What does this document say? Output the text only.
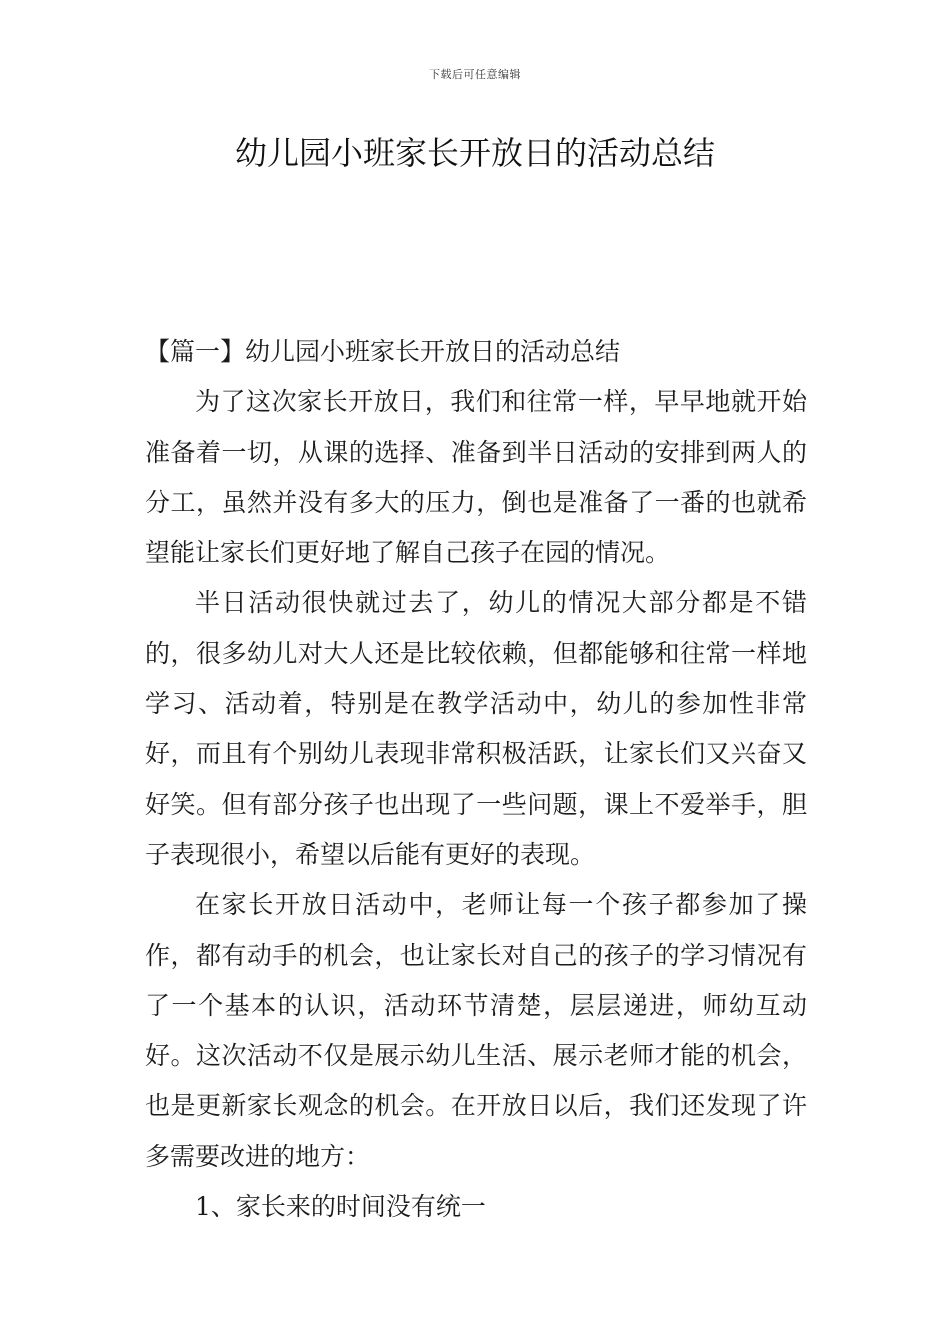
下载后可任意编辑
幼儿园小班家长开放日的活动总结

【篇一】幼儿园小班家长开放日的活动总结

为了这次家长开放日，我们和往常一样，早早地就开始准备着一切，从课的选择、准备到半日活动的安排到两人的分工，虽然并没有多大的压力，倒也是准备了一番的也就希望能让家长们更好地了解自己孩子在园的情况。

半日活动很快就过去了，幼儿的情况大部分都是不错的，很多幼儿对大人还是比较依赖，但都能够和往常一样地学习、活动着，特别是在教学活动中，幼儿的参加性非常好，而且有个别幼儿表现非常积极活跃，让家长们又兴奋又好笑。但有部分孩子也出现了一些问题，课上不爱举手，胆子表现很小，希望以后能有更好的表现。

在家长开放日活动中，老师让每一个孩子都参加了操作，都有动手的机会，也让家长对自己的孩子的学习情况有了一个基本的认识，活动环节清楚，层层递进，师幼互动好。这次活动不仅是展示幼儿生活、展示老师才能的机会，也是更新家长观念的机会。在开放日以后，我们还发现了许多需要改进的地方：

1、家长来的时间没有统一
